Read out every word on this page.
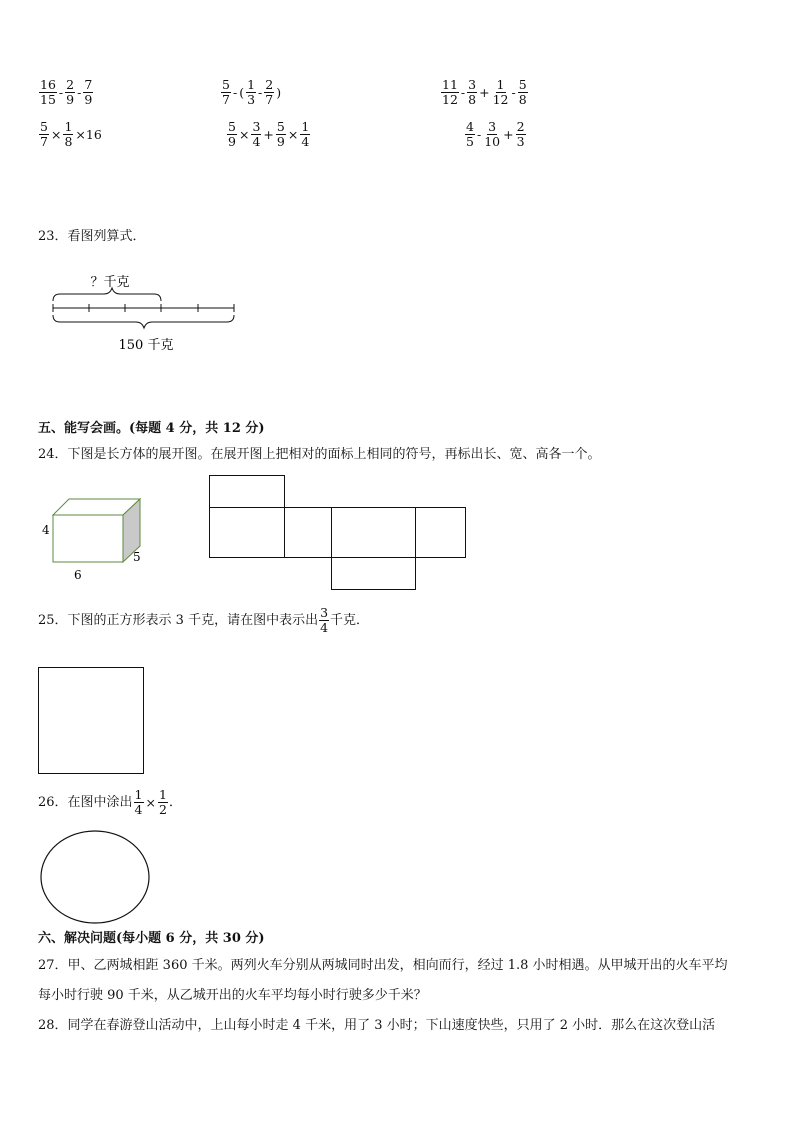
$\frac{16}{15} - \frac{2}{9} - \frac{7}{9}$	$\frac{5}{7}$ - ( $\frac{1}{3} - \frac{2}{7}$ )	$\frac{11}{12} - \frac{3}{8} + \frac{1}{12} - \frac{5}{8}$
$\frac{5}{7} \times \frac{1}{8} \times 16$	$\frac{5}{9} \times \frac{3}{4} + \frac{5}{9} \times \frac{1}{4}$	$\frac{4}{5} - \frac{3}{10} + \frac{2}{3}$
23．看图列算式．
？千克
150 千克
五、能写会画。(每题 4 分，共 12 分)
24．下图是长方体的展开图。在展开图上把相对的面标上相同的符号，再标出长、宽、高各一个。
4
5
6
25．下图的正方形表示 3 千克，请在图中表示出 $\frac{3}{4}$ 千克．
26．在图中涂出 $\frac{1}{4} \times \frac{1}{2}$ ．
六、解决问题(每小题 6 分，共 30 分)
27．甲、乙两城相距 360 千米。两列火车分别从两城同时出发，相向而行，经过 1.8 小时相遇。从甲城开出的火车平均
每小时行驶 90 千米，从乙城开出的火车平均每小时行驶多少千米？
28．同学在春游登山活动中，上山每小时走 4 千米，用了 3 小时；下山速度快些，只用了 2 小时．那么在这次登山活
